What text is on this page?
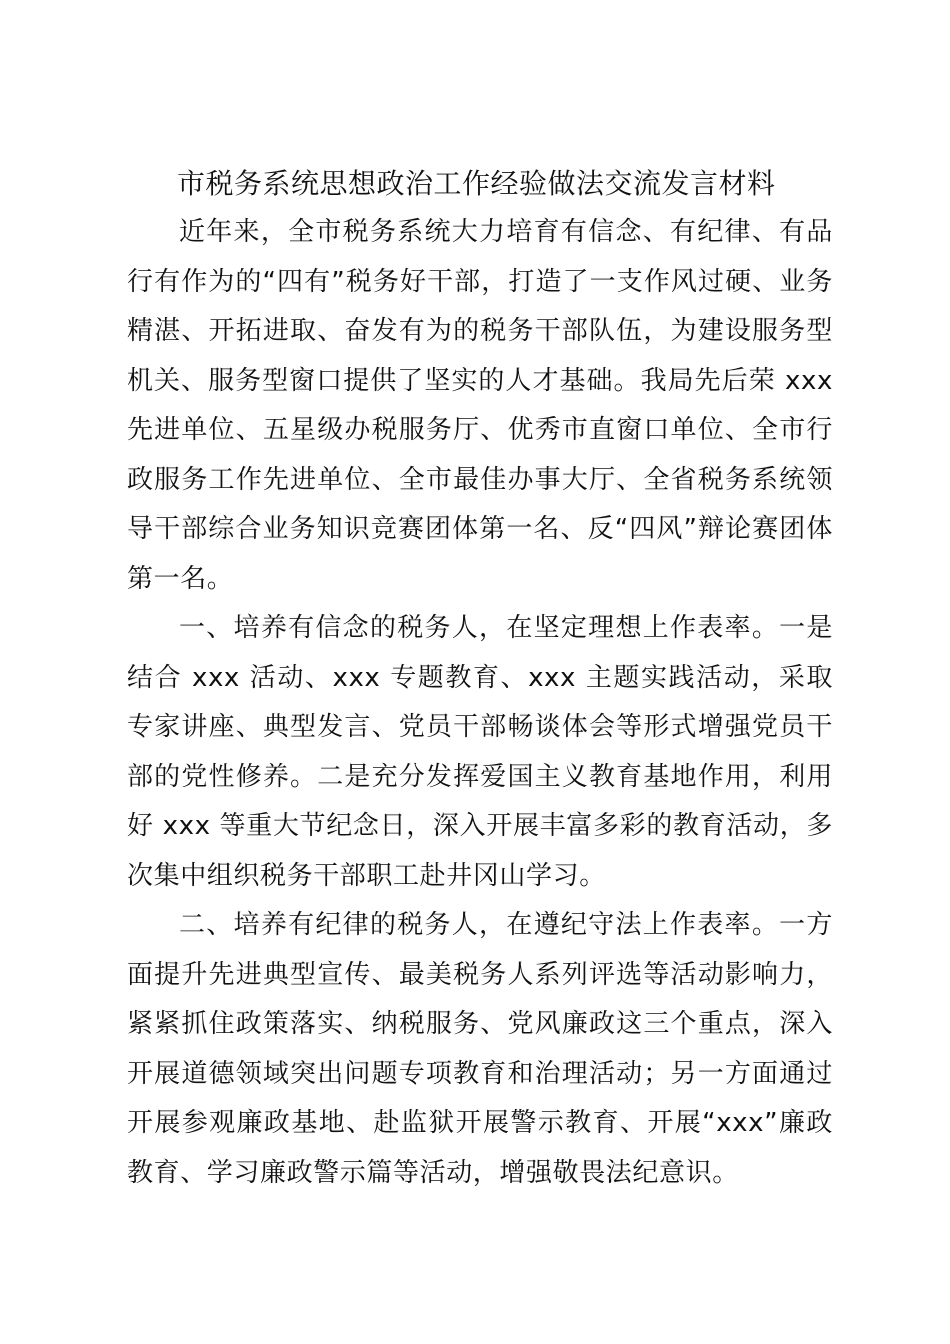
市税务系统思想政治工作经验做法交流发言材料

近年来，全市税务系统大力培育有信念、有纪律、有品行有作为的“四有”税务好干部，打造了一支作风过硬、业务精湛、开拓进取、奋发有为的税务干部队伍，为建设服务型机关、服务型窗口提供了坚实的人才基础。我局先后荣 xxx 先进单位、五星级办税服务厅、优秀市直窗口单位、全市行政服务工作先进单位、全市最佳办事大厅、全省税务系统领导干部综合业务知识竞赛团体第一名、反“四风”辩论赛团体第一名。

一、培养有信念的税务人，在坚定理想上作表率。一是结合 xxx 活动、xxx 专题教育、xxx 主题实践活动，采取专家讲座、典型发言、党员干部畅谈体会等形式增强党员干部的党性修养。二是充分发挥爱国主义教育基地作用，利用好 xxx 等重大节纪念日，深入开展丰富多彩的教育活动，多次集中组织税务干部职工赴井冈山学习。

二、培养有纪律的税务人，在遵纪守法上作表率。一方面提升先进典型宣传、最美税务人系列评选等活动影响力，紧紧抓住政策落实、纳税服务、党风廉政这三个重点，深入开展道德领域突出问题专项教育和治理活动；另一方面通过开展参观廉政基地、赴监狱开展警示教育、开展“xxx”廉政教育、学习廉政警示篇等活动，增强敬畏法纪意识。
